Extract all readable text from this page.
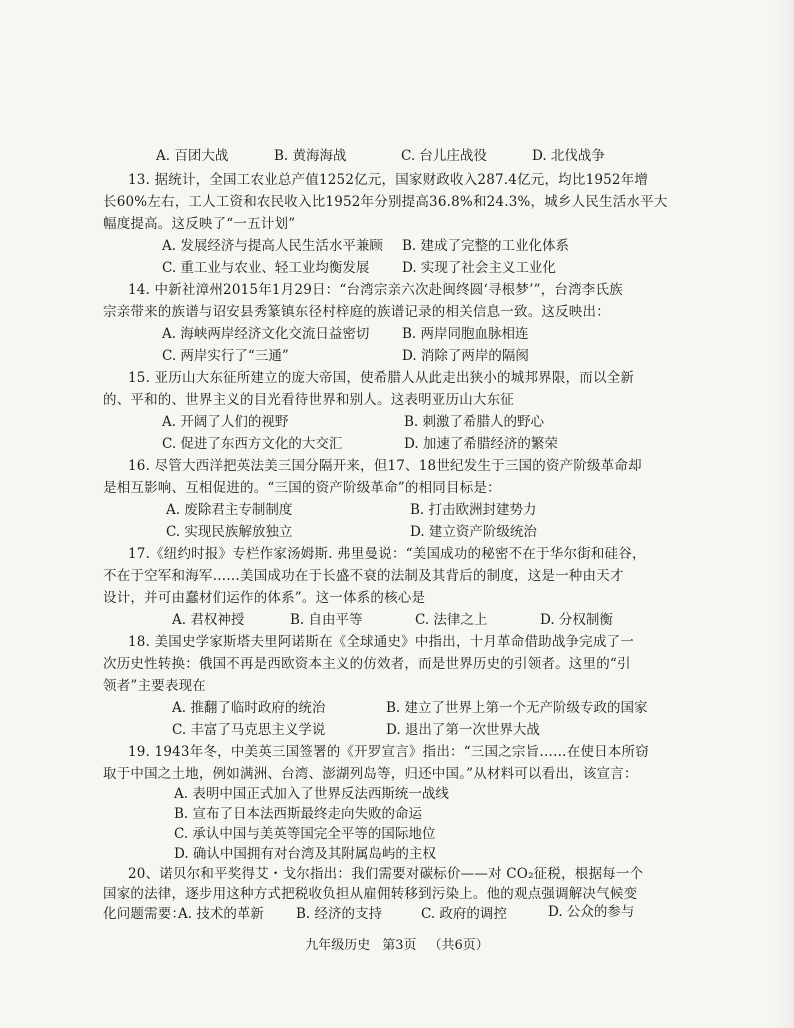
A. 百团大战	B. 黄海海战	C. 台儿庄战役	D. 北伐战争
13. 据统计，全国工农业总产值1252亿元，国家财政收入287.4亿元，均比1952年增
长60%左右，工人工资和农民收入比1952年分别提高36.8%和24.3%，城乡人民生活水平大
幅度提高。这反映了“一五计划”
A. 发展经济与提高人民生活水平兼顾 B. 建成了完整的工业化体系
C. 重工业与农业、轻工业均衡发展 D. 实现了社会主义工业化
14. 中新社漳州2015年1月29日：“台湾宗亲六次赴闽终圆‘寻根梦’”，台湾李氏族
宗亲带来的族谱与诏安县秀篆镇东径村梓庭的族谱记录的相关信息一致。这反映出：
A. 海峡两岸经济文化交流日益密切 B. 两岸同胞血脉相连
C. 两岸实行了“三通”	D. 消除了两岸的隔阂
15. 亚历山大东征所建立的庞大帝国，使希腊人从此走出狭小的城邦界限，而以全新
的、平和的、世界主义的目光看待世界和别人。这表明亚历山大东征
A. 开阔了人们的视野	B. 刺激了希腊人的野心
C. 促进了东西方文化的大交汇	D. 加速了希腊经济的繁荣
16. 尽管大西洋把英法美三国分隔开来，但17、18世纪发生于三国的资产阶级革命却
是相互影响、互相促进的。“三国的资产阶级革命”的相同目标是：
A. 废除君主专制制度	B. 打击欧洲封建势力
C. 实现民族解放独立	D. 建立资产阶级统治
17.《纽约时报》专栏作家汤姆斯. 弗里曼说：“美国成功的秘密不在于华尔街和硅谷，
不在于空军和海军……美国成功在于长盛不衰的法制及其背后的制度，这是一种由天才
设计，并可由蠢材们运作的体系”。这一体系的核心是
A. 君权神授	B. 自由平等	C. 法律之上	D. 分权制衡
18. 美国史学家斯塔夫里阿诺斯在《全球通史》中指出，十月革命借助战争完成了一
次历史性转换：俄国不再是西欧资本主义的仿效者，而是世界历史的引领者。这里的“引
领者”主要表现在
A. 推翻了临时政府的统治	B. 建立了世界上第一个无产阶级专政的国家
C. 丰富了马克思主义学说	D. 退出了第一次世界大战
19. 1943年冬，中美英三国签署的《开罗宣言》指出：“三国之宗旨……在使日本所窃
取于中国之土地，例如满洲、台湾、澎湖列岛等，归还中国。”从材料可以看出，该宣言：
A. 表明中国正式加入了世界反法西斯统一战线
B. 宣布了日本法西斯最终走向失败的命运
C. 承认中国与美英等国完全平等的国际地位
D. 确认中国拥有对台湾及其附属岛屿的主权
九年级历史 第3页 （共6页）
20、诺贝尔和平奖得艾・戈尔指出：我们需要对碳标价——对 CO₂征税，根据每一个
国家的法律，逐步用这种方式把税收负担从雇佣转移到污染上。他的观点强调解决气候变
化问题需要：
A. 技术的革新 B. 经济的支持	C. 政府的调控	D. 公众的参与
